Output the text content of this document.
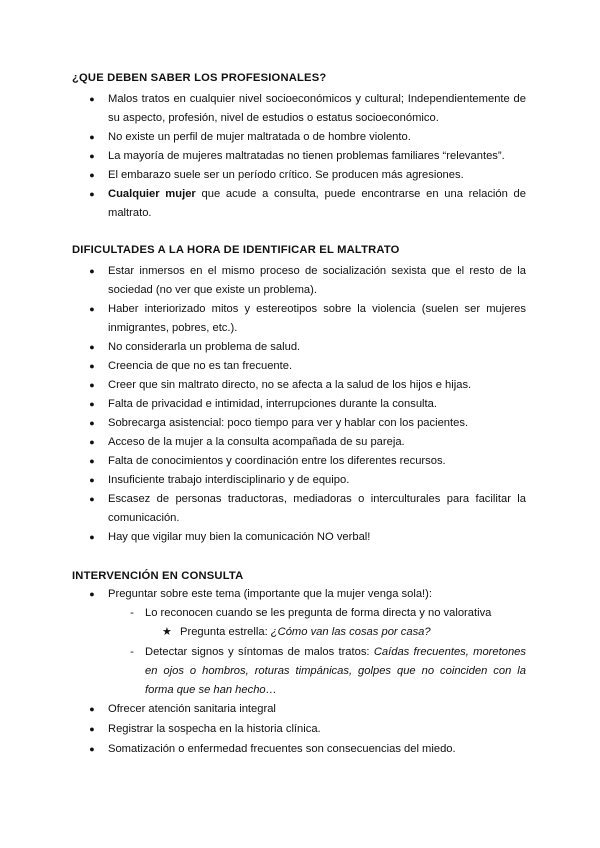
¿QUE DEBEN SABER LOS PROFESIONALES?
● Malos tratos en cualquier nivel socioeconómicos y cultural; Independientemente de su aspecto, profesión, nivel de estudios o estatus socioeconómico.
● No existe un perfil de mujer maltratada o de hombre violento.
● La mayoría de mujeres maltratadas no tienen problemas familiares “relevantes”.
● El embarazo suele ser un período crítico. Se producen más agresiones.
● Cualquier mujer que acude a consulta, puede encontrarse en una relación de maltrato.
DIFICULTADES A LA HORA DE IDENTIFICAR EL MALTRATO
● Estar inmersos en el mismo proceso de socialización sexista que el resto de la sociedad (no ver que existe un problema).
● Haber interiorizado mitos y estereotipos sobre la violencia (suelen ser mujeres inmigrantes, pobres, etc.).
● No considerarla un problema de salud.
● Creencia de que no es tan frecuente.
● Creer que sin maltrato directo, no se afecta a la salud de los hijos e hijas.
● Falta de privacidad e intimidad, interrupciones durante la consulta.
● Sobrecarga asistencial: poco tiempo para ver y hablar con los pacientes.
● Acceso de la mujer a la consulta acompañada de su pareja.
● Falta de conocimientos y coordinación entre los diferentes recursos.
● Insuficiente trabajo interdisciplinario y de equipo.
● Escasez de personas traductoras, mediadoras o interculturales para facilitar la comunicación.
● Hay que vigilar muy bien la comunicación NO verbal!
INTERVENCIÓN EN CONSULTA
● Preguntar sobre este tema (importante que la mujer venga sola!):
- Lo reconocen cuando se les pregunta de forma directa y no valorativa
★ Pregunta estrella: ¿Cómo van las cosas por casa?
- Detectar signos y síntomas de malos tratos: Caídas frecuentes, moretones en ojos o hombros, roturas timpánicas, golpes que no coinciden con la forma que se han hecho…
● Ofrecer atención sanitaria integral
● Registrar la sospecha en la historia clínica.
● Somatización o enfermedad frecuentes son consecuencias del miedo.
